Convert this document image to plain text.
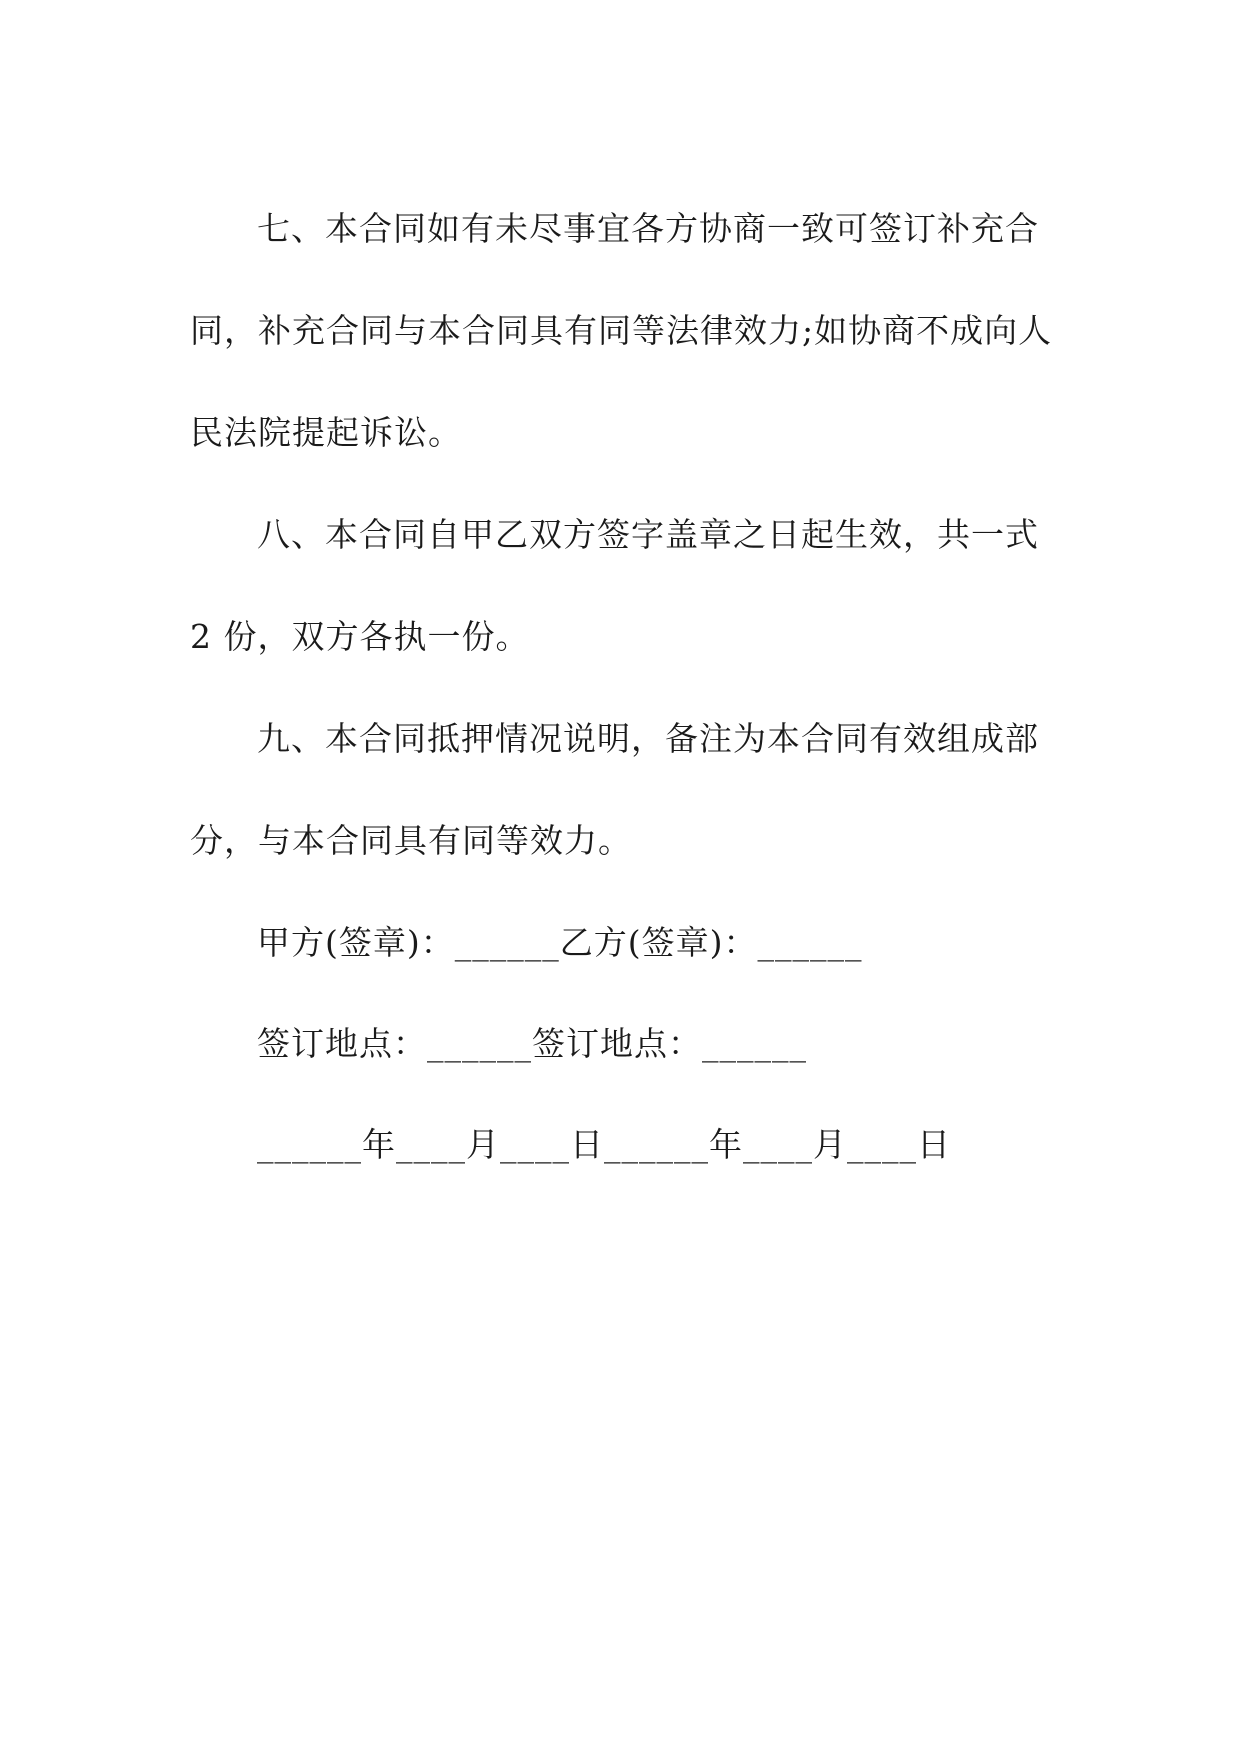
七、本合同如有未尽事宜各方协商一致可签订补充合

同，补充合同与本合同具有同等法律效力;如协商不成向人

民法院提起诉讼。

八、本合同自甲乙双方签字盖章之日起生效，共一式

2 份，双方各执一份。

九、本合同抵押情况说明，备注为本合同有效组成部

分，与本合同具有同等效力。

甲方(签章)：______乙方(签章)：______

签订地点：______签订地点：______

______年____月____日______年____月____日
